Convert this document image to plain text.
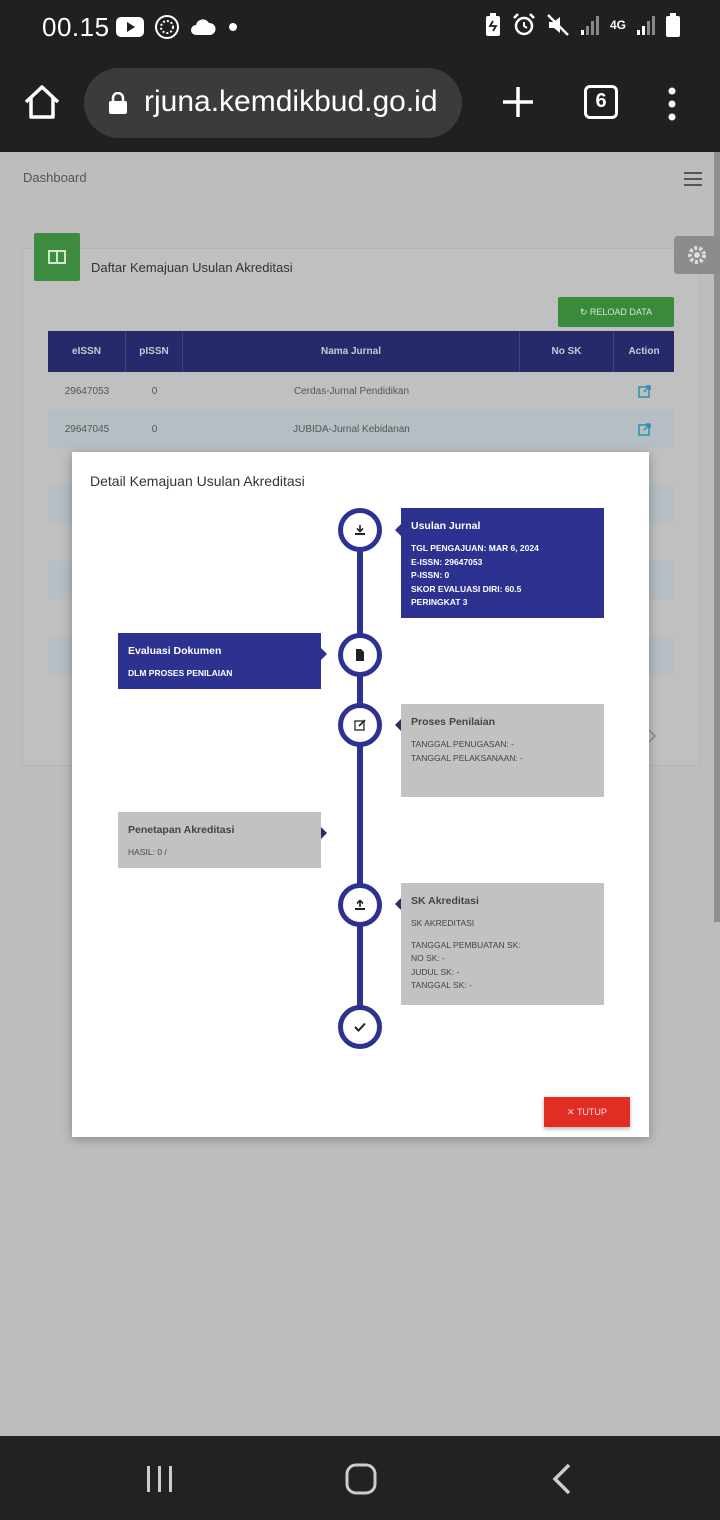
00.15	4G
rjuna.kemdikbud.go.id	6
Dashboard
Daftar Kemajuan Usulan Akreditasi
↻ RELOAD DATA
eISSN	pISSN	Nama Jurnal	No SK	Action
29647053	0	Cerdas-Jurnal Pendidikan
29647045	0	JUBIDA-Jurnal Kebidanan
Detail Kemajuan Usulan Akreditasi
Usulan Jurnal
TGL PENGAJUAN: MAR 6, 2024
E-ISSN: 29647053
P-ISSN: 0
SKOR EVALUASI DIRI: 60.5
PERINGKAT 3
Evaluasi Dokumen
DLM PROSES PENILAIAN
Proses Penilaian
TANGGAL PENUGASAN: -
TANGGAL PELAKSANAAN: -
Penetapan Akreditasi
HASIL: 0 /
SK Akreditasi
SK AKREDITASI
TANGGAL PEMBUATAN SK:
NO SK: -
JUDUL SK: -
TANGGAL SK: -
✕ TUTUP
